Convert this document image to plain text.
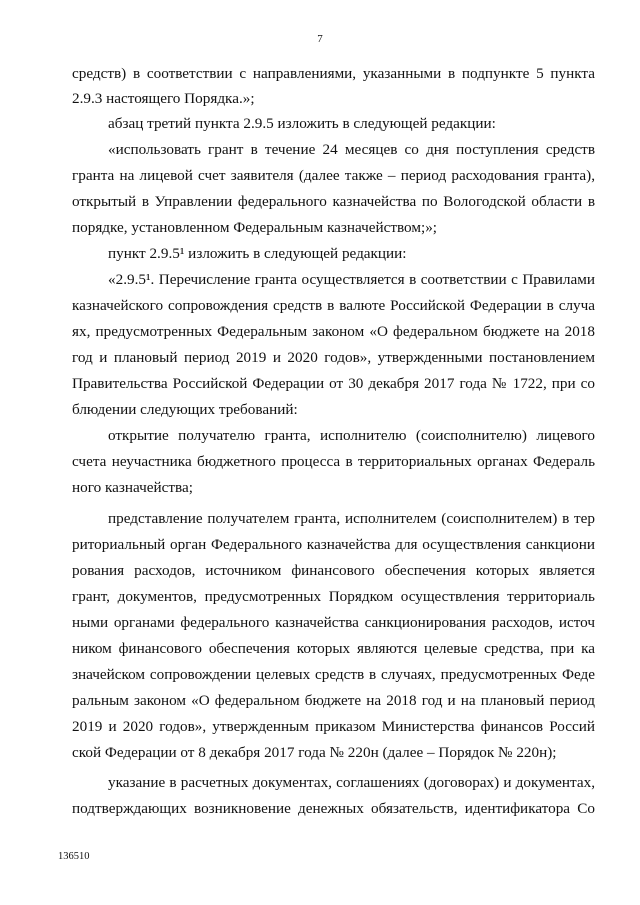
7
средств) в соответствии с направлениями, указанными в подпункте 5 пункта
2.9.3 настоящего Порядка.»;
абзац третий пункта 2.9.5 изложить в следующей редакции:
«использовать грант в течение 24 месяцев со дня поступления средств
гранта на лицевой счет заявителя (далее также – период расходования гранта),
открытый в Управлении федерального казначейства по Вологодской области в
порядке, установленном Федеральным казначейством;»;
пункт 2.9.5¹ изложить в следующей редакции:
«2.9.5¹. Перечисление гранта осуществляется в соответствии с Правилами
казначейского сопровождения средств в валюте Российской Федерации в случа
ях, предусмотренных Федеральным законом «О федеральном бюджете на 2018
год и плановый период 2019 и 2020 годов», утвержденными постановлением
Правительства Российской Федерации от 30 декабря 2017 года № 1722, при со
блюдении следующих требований:
открытие получателю гранта, исполнителю (соисполнителю) лицевого
счета неучастника бюджетного процесса в территориальных органах Федераль
ного казначейства;
представление получателем гранта, исполнителем (соисполнителем) в тер
риториальный орган Федерального казначейства для осуществления санкциони
рования расходов, источником финансового обеспечения которых является
грант, документов, предусмотренных Порядком осуществления территориаль
ными органами федерального казначейства санкционирования расходов, источ
ником финансового обеспечения которых являются целевые средства, при ка
значейском сопровождении целевых средств в случаях, предусмотренных Феде
ральным законом «О федеральном бюджете на 2018 год и на плановый период
2019 и 2020 годов», утвержденным приказом Министерства финансов Россий
ской Федерации от 8 декабря 2017 года № 220н (далее – Порядок № 220н);
указание в расчетных документах, соглашениях (договорах) и документах,
подтверждающих возникновение денежных обязательств, идентификатора Со
136510
